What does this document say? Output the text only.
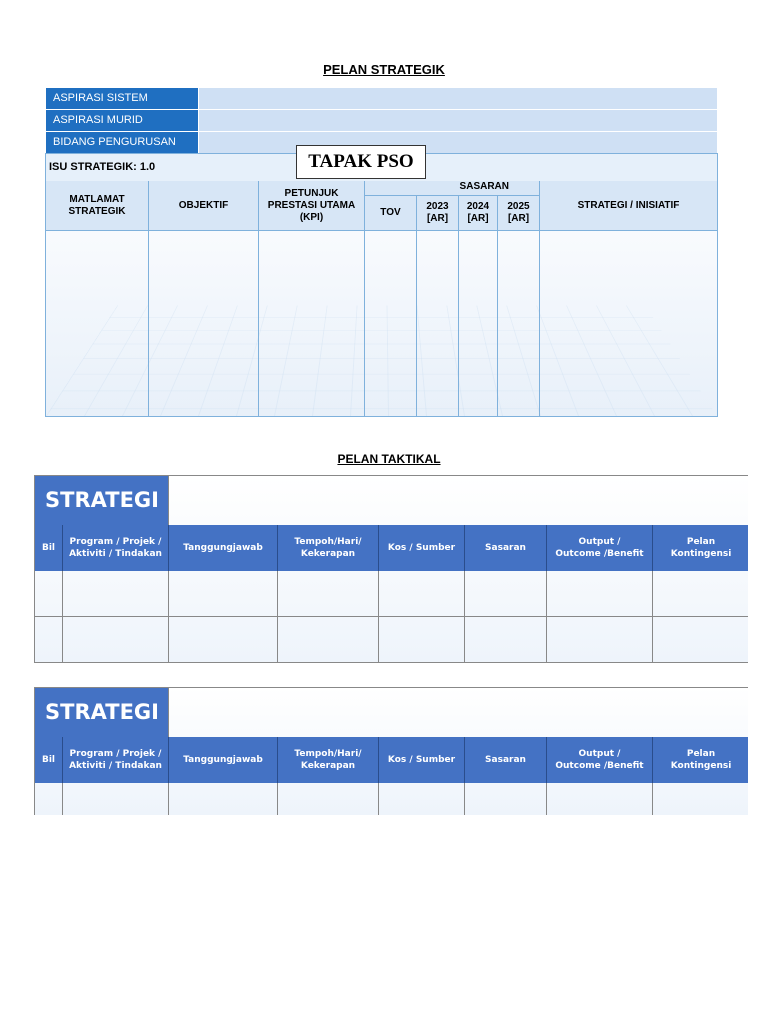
PELAN STRATEGIK
ASPIRASI SISTEM
ASPIRASI MURID
BIDANG PENGURUSAN
ISU STRATEGIK: 1.0
MATLAMAT STRATEGIK
OBJEKTIF
PETUNJUK PRESTASI UTAMA (KPI)
SASARAN
TOV
2023 [AR]
2024 [AR]
2025 [AR]
STRATEGI / INISIATIF
TAPAK PSO
PELAN TAKTIKAL
STRATEGI
Bil
Program / Projek / Aktiviti / Tindakan
Tanggungjawab
Tempoh/Hari/ Kekerapan
Kos / Sumber	Sasaran
Output / Outcome /Benefit
Pelan Kontingensi
STRATEGI
Bil
Program / Projek / Aktiviti / Tindakan
Tanggungjawab
Tempoh/Hari/ Kekerapan
Kos / Sumber	Sasaran
Output / Outcome /Benefit
Pelan Kontingensi
